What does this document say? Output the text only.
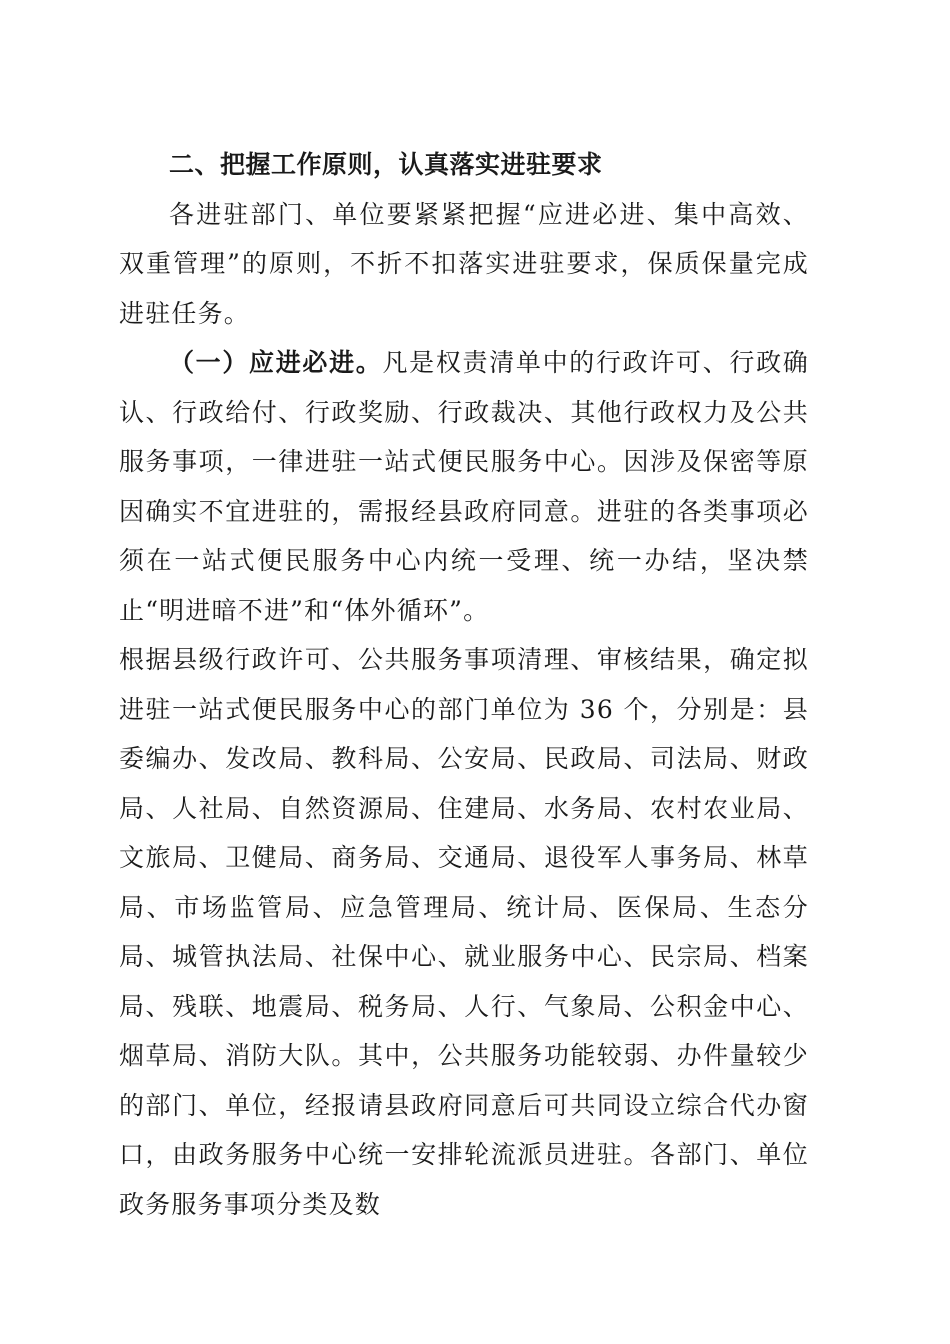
二、把握工作原则，认真落实进驻要求

各进驻部门、单位要紧紧把握“应进必进、集中高效、双重管理”的原则，不折不扣落实进驻要求，保质保量完成进驻任务。

（一）应进必进。凡是权责清单中的行政许可、行政确认、行政给付、行政奖励、行政裁决、其他行政权力及公共服务事项，一律进驻一站式便民服务中心。因涉及保密等原因确实不宜进驻的，需报经县政府同意。进驻的各类事项必须在一站式便民服务中心内统一受理、统一办结，坚决禁止“明进暗不进”和“体外循环”。

根据县级行政许可、公共服务事项清理、审核结果，确定拟进驻一站式便民服务中心的部门单位为 36 个，分别是：县委编办、发改局、教科局、公安局、民政局、司法局、财政局、人社局、自然资源局、住建局、水务局、农村农业局、文旅局、卫健局、商务局、交通局、退役军人事务局、林草局、市场监管局、应急管理局、统计局、医保局、生态分局、城管执法局、社保中心、就业服务中心、民宗局、档案局、残联、地震局、税务局、人行、气象局、公积金中心、烟草局、消防大队。其中，公共服务功能较弱、办件量较少的部门、单位，经报请县政府同意后可共同设立综合代办窗口，由政务服务中心统一安排轮流派员进驻。各部门、单位政务服务事项分类及数
